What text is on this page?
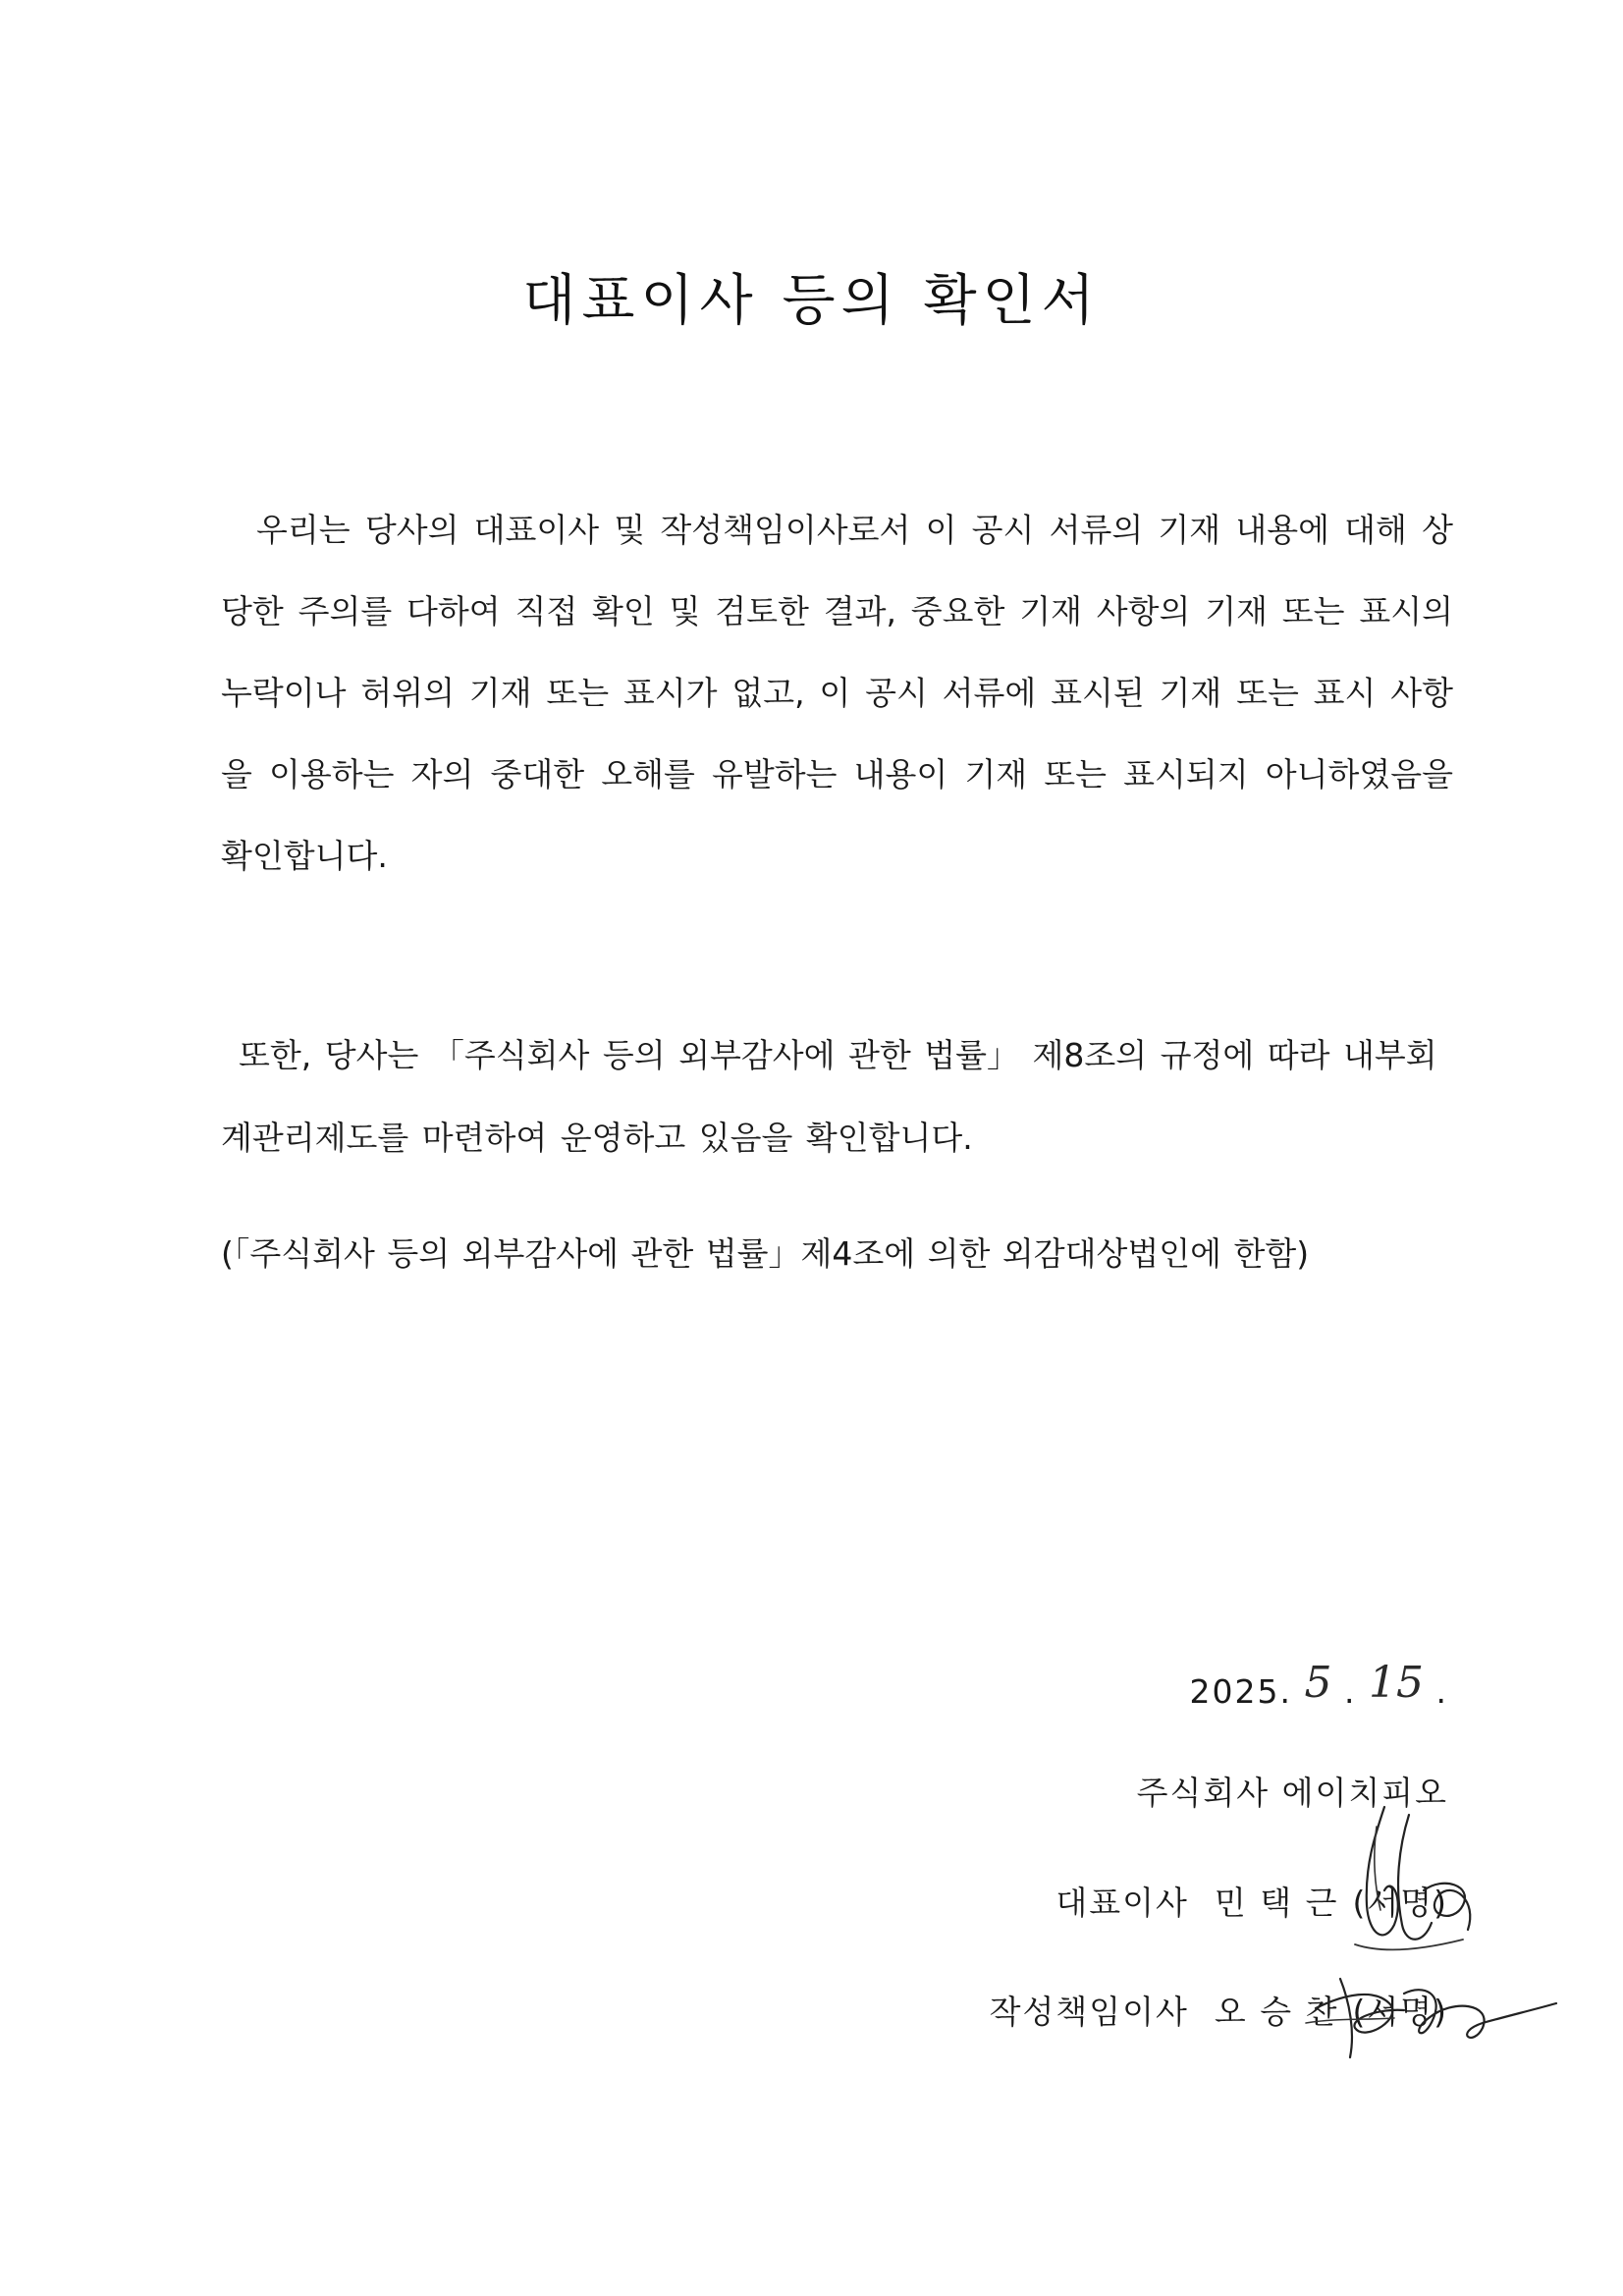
대표이사 등의 확인서
우리는 당사의 대표이사 및 작성책임이사로서 이 공시 서류의 기재 내용에 대해 상당한 주의를 다하여 직접 확인 및 검토한 결과, 중요한 기재 사항의 기재 또는 표시의 누락이나 허위의 기재 또는 표시가 없고, 이 공시 서류에 표시된 기재 또는 표시 사항을 이용하는 자의 중대한 오해를 유발하는 내용이 기재 또는 표시되지 아니하였음을 확인합니다.
또한, 당사는 「주식회사 등의 외부감사에 관한 법률」 제8조의 규정에 따라 내부회계관리제도를 마련하여 운영하고 있음을 확인합니다.
(「주식회사 등의 외부감사에 관한 법률」제4조에 의한 외감대상법인에 한함)
2025. 5 . 15 .
주식회사 에이치피오
대표이사 민 택 근 (서명)
작성책임이사 오 승 찬 (서명)
